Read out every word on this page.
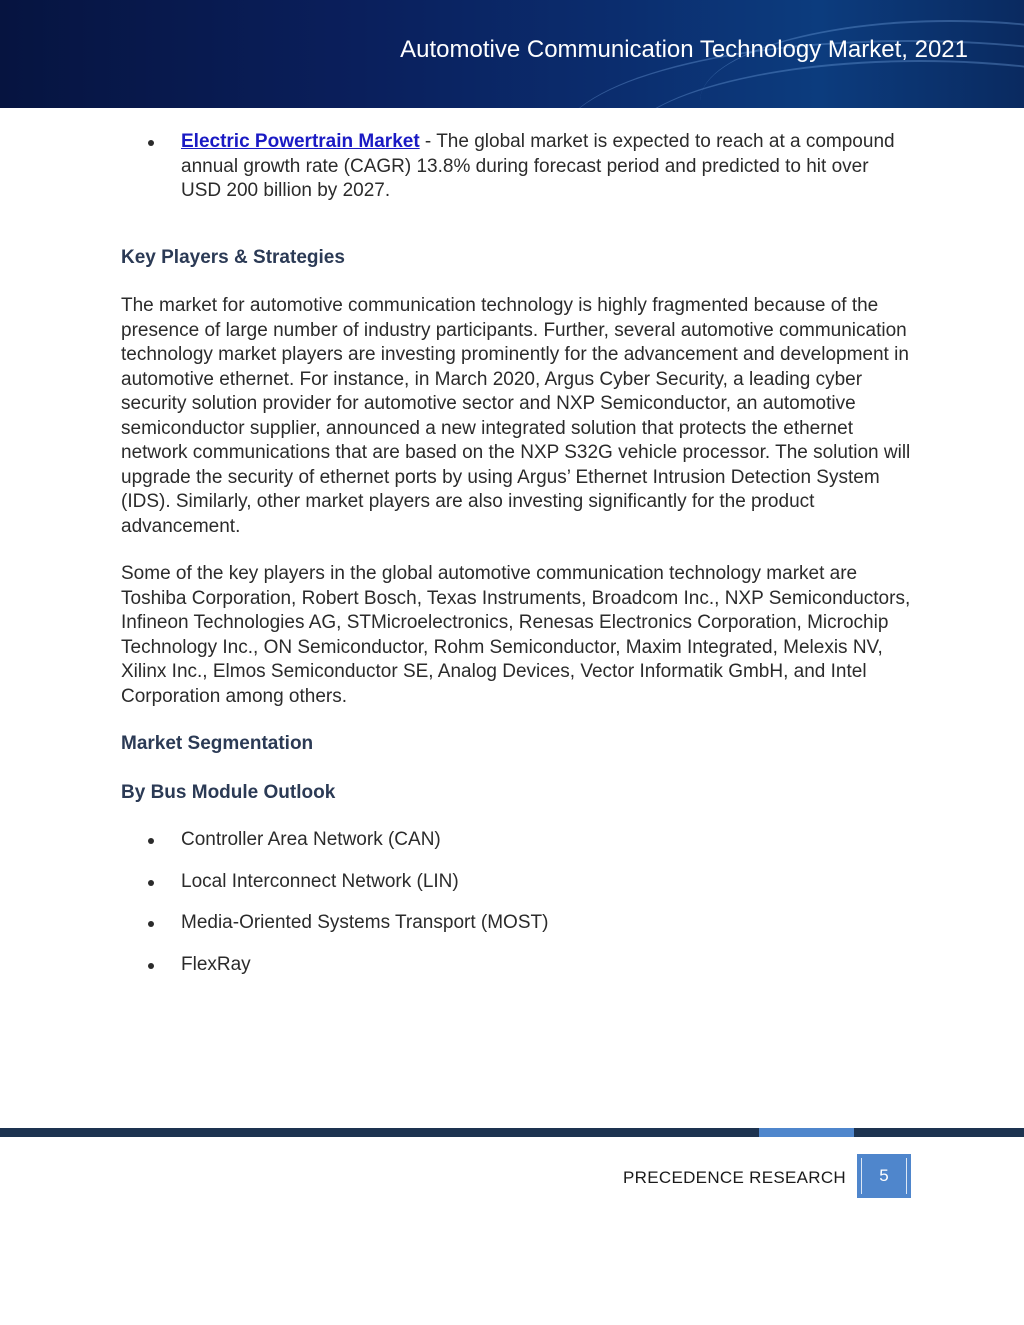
Automotive Communication Technology Market, 2021
Electric Powertrain Market - The global market is expected to reach at a compound annual growth rate (CAGR) 13.8% during forecast period and predicted to hit over USD 200 billion by 2027.

Key Players & Strategies

The market for automotive communication technology is highly fragmented because of the presence of large number of industry participants. Further, several automotive communication technology market players are investing prominently for the advancement and development in automotive ethernet. For instance, in March 2020, Argus Cyber Security, a leading cyber security solution provider for automotive sector and NXP Semiconductor, an automotive semiconductor supplier, announced a new integrated solution that protects the ethernet network communications that are based on the NXP S32G vehicle processor. The solution will upgrade the security of ethernet ports by using Argus’ Ethernet Intrusion Detection System (IDS). Similarly, other market players are also investing significantly for the product advancement.

Some of the key players in the global automotive communication technology market are Toshiba Corporation, Robert Bosch, Texas Instruments, Broadcom Inc., NXP Semiconductors, Infineon Technologies AG, STMicroelectronics, Renesas Electronics Corporation, Microchip Technology Inc., ON Semiconductor, Rohm Semiconductor, Maxim Integrated, Melexis NV, Xilinx Inc., Elmos Semiconductor SE, Analog Devices, Vector Informatik GmbH, and Intel Corporation among others.

Market Segmentation

By Bus Module Outlook

Controller Area Network (CAN)
Local Interconnect Network (LIN)
Media-Oriented Systems Transport (MOST)
FlexRay
PRECEDENCE RESEARCH	5
